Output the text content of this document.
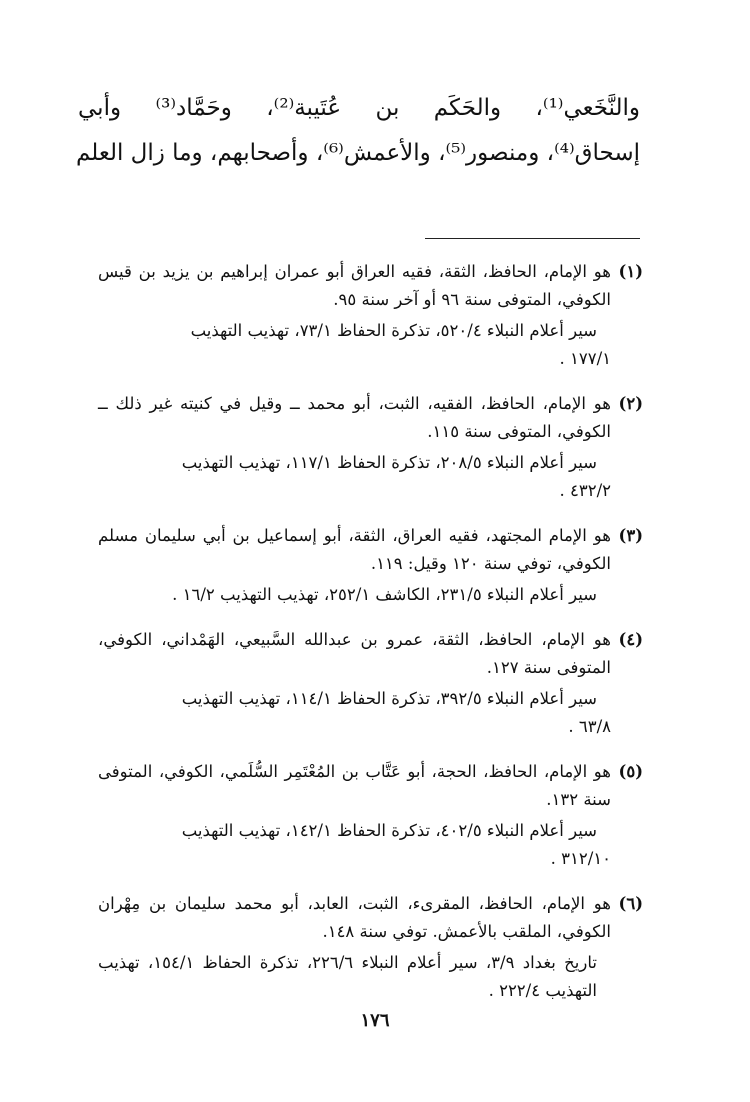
والنَّخَعي⁽¹⁾، والحَكَم بن عُتَيبة⁽²⁾، وحَمَّاد⁽³⁾ وأبي
إسحاق⁽⁴⁾، ومنصور⁽⁵⁾، والأعمش⁽⁶⁾، وأصحابهم، وما زال العلم
(١)

هو الإمام، الحافظ، الثقة، فقيه العراق أبو عمران إبراهيم بن يزيد بن قيس الكوفي، المتوفى سنة ٩٦ أو آخر سنة ٩٥.

سير أعلام النبلاء ٥٢٠/٤، تذكرة الحفاظ ٧٣/١، تهذيب التهذيب

١٧٧/١ .

(٢)

هو الإمام، الحافظ، الفقيه، الثبت، أبو محمد ــ وقيل في كنيته غير ذلك ــ الكوفي، المتوفى سنة ١١٥.

سير أعلام النبلاء ٢٠٨/٥، تذكرة الحفاظ ١١٧/١، تهذيب التهذيب

٤٣٢/٢ .

(٣)

هو الإمام المجتهد، فقيه العراق، الثقة، أبو إسماعيل بن أبي سليمان مسلم الكوفي، توفي سنة ١٢٠ وقيل: ١١٩.

سير أعلام النبلاء ٢٣١/٥، الكاشف ٢٥٢/١، تهذيب التهذيب ١٦/٢ .

(٤)

هو الإمام، الحافظ، الثقة، عمرو بن عبدالله السَّبيعي، الهَمْداني، الكوفي، المتوفى سنة ١٢٧.

سير أعلام النبلاء ٣٩٢/٥، تذكرة الحفاظ ١١٤/١، تهذيب التهذيب

٦٣/٨ .

(٥)

هو الإمام، الحافظ، الحجة، أبو عَتَّاب بن المُعْتَمِر السُّلَمي، الكوفي، المتوفى سنة ١٣٢.

سير أعلام النبلاء ٤٠٢/٥، تذكرة الحفاظ ١٤٢/١، تهذيب التهذيب

٣١٢/١٠ .

(٦)

هو الإمام، الحافظ، المقرىء، الثبت، العابد، أبو محمد سليمان بن مِهْران الكوفي، الملقب بالأعمش. توفي سنة ١٤٨.

تاريخ بغداد ٣/٩، سير أعلام النبلاء ٢٢٦/٦، تذكرة الحفاظ ١٥٤/١، تهذيب التهذيب ٢٢٢/٤ .

١٧٦
